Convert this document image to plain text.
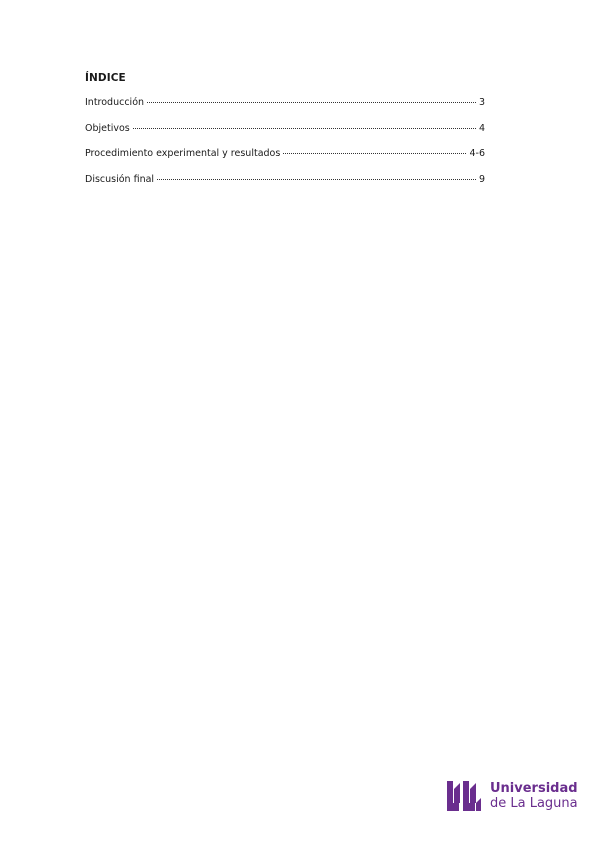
ÍNDICE
Introducción	3
Objetivos	4
Procedimiento experimental y resultados	4-6
Discusión final	9
Universidad
de La Laguna
